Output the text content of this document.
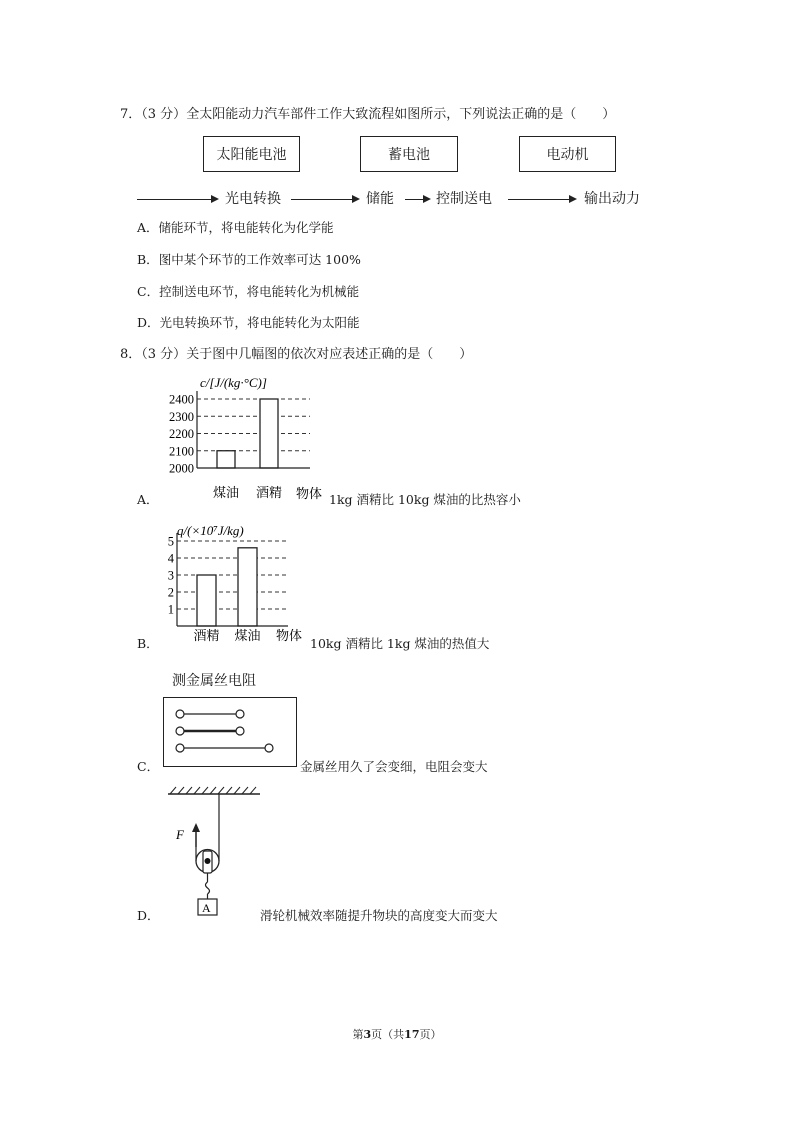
7．（3 分）全太阳能动力汽车部件工作大致流程如图所示，下列说法正确的是（　　）
太阳能电池	蓄电池	电动机
光电转换	储能	控制送电	输出动力
A．储能环节，将电能转化为化学能
B．图中某个环节的工作效率可达 100%
C．控制送电环节，将电能转化为机械能
D．光电转换环节，将电能转化为太阳能
8．（3 分）关于图中几幅图的依次对应表述正确的是（　　）
c/[J/(kg·°C)]
2000
2100
2200
2300
2400
煤油 酒精 物体
A．	1kg 酒精比 10kg 煤油的比热容小
q/(×10⁷J/kg)
1
2
3
4
5
酒精 煤油 物体
B．	10kg 酒精比 1kg 煤油的热值大
测金属丝电阻
C．	金属丝用久了会变细，电阻会变大
F
A
D．	滑轮机械效率随提升物块的高度变大而变大
第3页（共17页）
